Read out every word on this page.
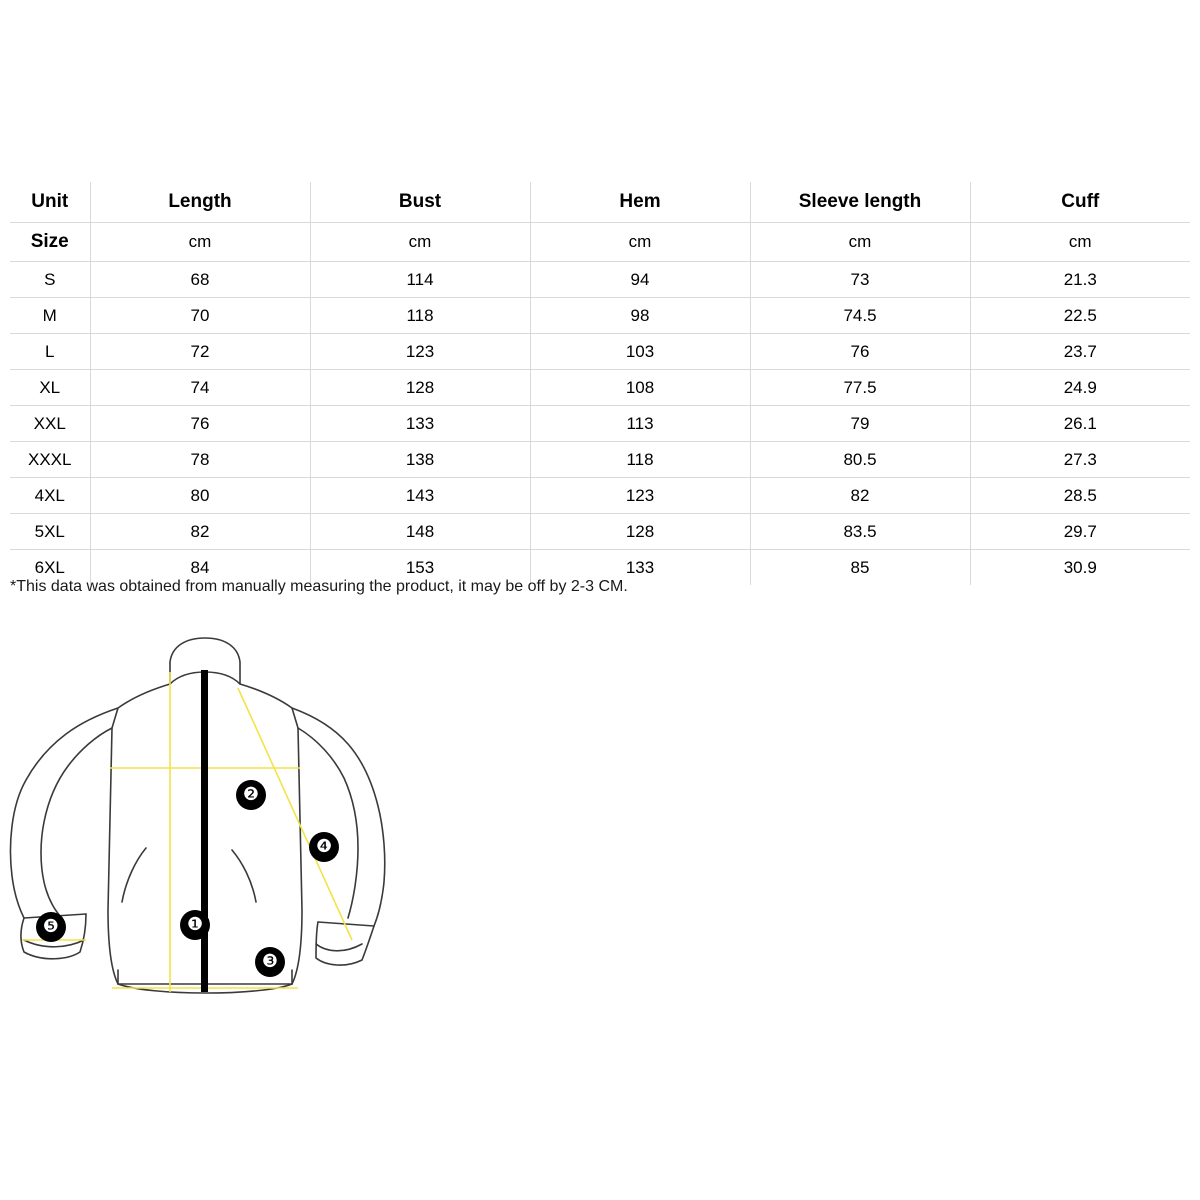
Unit	Length	Bust	Hem	Sleeve length	Cuff
Size	cm	cm	cm	cm	cm
S	68	114	94	73	21.3
M	70	118	98	74.5	22.5
L	72	123	103	76	23.7
XL	74	128	108	77.5	24.9
XXL	76	133	113	79	26.1
XXXL	78	138	118	80.5	27.3
4XL	80	143	123	82	28.5
5XL	82	148	128	83.5	29.7
6XL	84	153	133	85	30.9
*This data was obtained from manually measuring the product, it may be off by 2-3 CM.
❶
❷
❸
❹
❺
